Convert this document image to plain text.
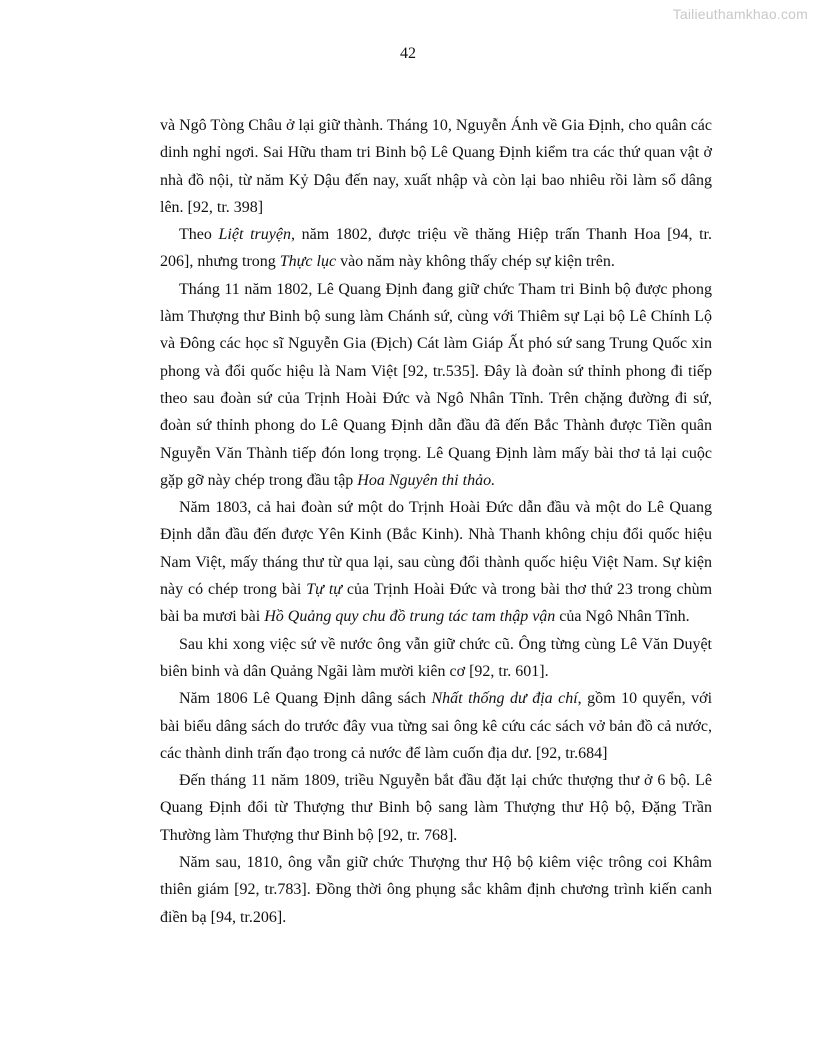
Tailieuthamkhao.com
42

và Ngô Tòng Châu ở lại giữ thành. Tháng 10, Nguyễn Ánh về Gia Định, cho quân các dinh nghỉ ngơi. Sai Hữu tham tri Binh bộ Lê Quang Định kiểm tra các thứ quan vật ở nhà đồ nội, từ năm Kỷ Dậu đến nay, xuất nhập và còn lại bao nhiêu rồi làm sổ dâng lên. [92, tr. 398]

Theo Liệt truyện, năm 1802, được triệu về thăng Hiệp trấn Thanh Hoa [94, tr. 206], nhưng trong Thực lục vào năm này không thấy chép sự kiện trên.

Tháng 11 năm 1802, Lê Quang Định đang giữ chức Tham tri Binh bộ được phong làm Thượng thư Binh bộ sung làm Chánh sứ, cùng với Thiêm sự Lại bộ Lê Chính Lộ và Đông các học sĩ Nguyễn Gia (Địch) Cát làm Giáp Ất phó sứ sang Trung Quốc xin phong và đổi quốc hiệu là Nam Việt [92, tr.535]. Đây là đoàn sứ thỉnh phong đi tiếp theo sau đoàn sứ của Trịnh Hoài Đức và Ngô Nhân Tĩnh. Trên chặng đường đi sứ, đoàn sứ thỉnh phong do Lê Quang Định dẫn đầu đã đến Bắc Thành được Tiền quân Nguyễn Văn Thành tiếp đón long trọng. Lê Quang Định làm mấy bài thơ tả lại cuộc gặp gỡ này chép trong đầu tập Hoa Nguyên thi thảo.

Năm 1803, cả hai đoàn sứ một do Trịnh Hoài Đức dẫn đầu và một do Lê Quang Định dẫn đầu đến được Yên Kinh (Bắc Kinh). Nhà Thanh không chịu đổi quốc hiệu Nam Việt, mấy tháng thư từ qua lại, sau cùng đổi thành quốc hiệu Việt Nam. Sự kiện này có chép trong bài Tự tự của Trịnh Hoài Đức và trong bài thơ thứ 23 trong chùm bài ba mươi bài Hồ Quảng quy chu đồ trung tác tam thập vận của Ngô Nhân Tĩnh.

Sau khi xong việc sứ về nước ông vẫn giữ chức cũ. Ông từng cùng Lê Văn Duyệt biên binh và dân Quảng Ngãi làm mười kiên cơ [92, tr. 601].

Năm 1806 Lê Quang Định dâng sách Nhất thống dư địa chí, gồm 10 quyển, với bài biểu dâng sách do trước đây vua từng sai ông kê cứu các sách vở bản đồ cả nước, các thành dinh trấn đạo trong cả nước để làm cuốn địa dư. [92, tr.684]

Đến tháng 11 năm 1809, triều Nguyễn bắt đầu đặt lại chức thượng thư ở 6 bộ. Lê Quang Định đổi từ Thượng thư Binh bộ sang làm Thượng thư Hộ bộ, Đặng Trần Thường làm Thượng thư Binh bộ [92, tr. 768].

Năm sau, 1810, ông vẫn giữ chức Thượng thư Hộ bộ kiêm việc trông coi Khâm thiên giám [92, tr.783]. Đồng thời ông phụng sắc khâm định chương trình kiến canh điền bạ [94, tr.206].
